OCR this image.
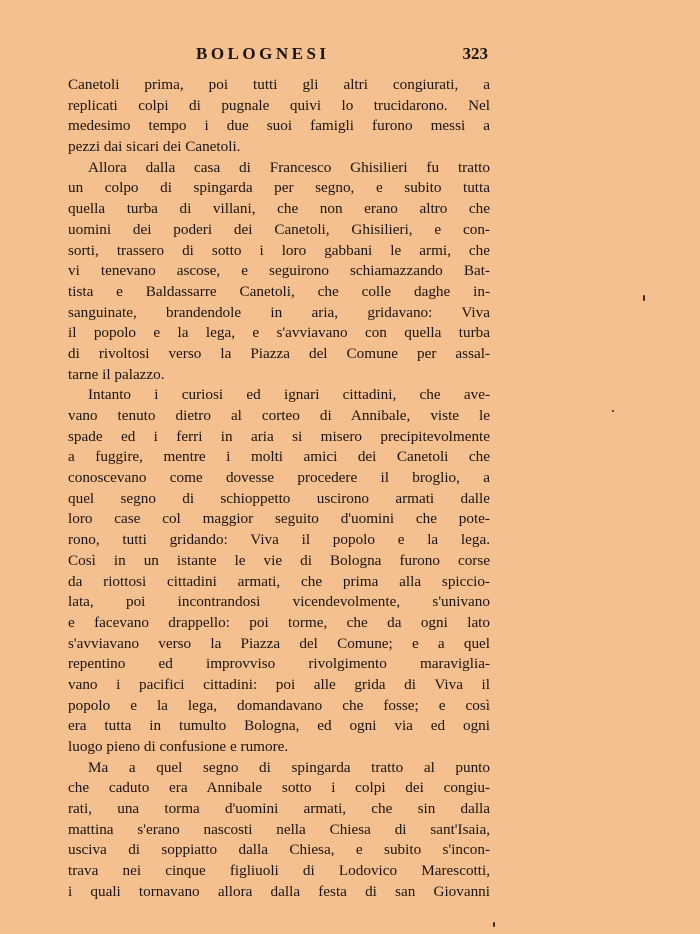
BOLOGNESI	323
Canetoli prima, poi tutti gli altri congiurati, a
replicati colpi di pugnale quivi lo trucidarono. Nel
medesimo tempo i due suoi famigli furono messi a
pezzi dai sicari dei Canetoli.
Allora dalla casa di Francesco Ghisilieri fu tratto
un colpo di spingarda per segno, e subito tutta
quella turba di villani, che non erano altro che
uomini dei poderi dei Canetoli, Ghisilieri, e con-
sorti, trassero di sotto i loro gabbani le armi, che
vi tenevano ascose, e seguirono schiamazzando Bat-
tista e Baldassarre Canetoli, che colle daghe in-
sanguinate, brandendole in aria, gridavano: Viva
il popolo e la lega, e s'avviavano con quella turba
di rivoltosi verso la Piazza del Comune per assal-
tarne il palazzo.
Intanto i curiosi ed ignari cittadini, che ave-
vano tenuto dietro al corteo di Annibale, viste le
spade ed i ferri in aria si misero precipitevolmente
a fuggire, mentre i molti amici dei Canetoli che
conoscevano come dovesse procedere il broglio, a
quel segno di schioppetto uscirono armati dalle
loro case col maggior seguito d'uomini che pote-
rono, tutti gridando: Viva il popolo e la lega.
Così in un istante le vie di Bologna furono corse
da riottosi cittadini armati, che prima alla spiccio-
lata, poi incontrandosi vicendevolmente, s'univano
e facevano drappello: poi torme, che da ogni lato
s'avviavano verso la Piazza del Comune; e a quel
repentino ed improvviso rivolgimento maraviglia-
vano i pacifici cittadini: poi alle grida di Viva il
popolo e la lega, domandavano che fosse; e così
era tutta in tumulto Bologna, ed ogni via ed ogni
luogo pieno di confusione e rumore.
Ma a quel segno di spingarda tratto al punto
che caduto era Annibale sotto i colpi dei congiu-
rati, una torma d'uomini armati, che sin dalla
mattina s'erano nascosti nella Chiesa di sant'Isaia,
usciva di soppiatto dalla Chiesa, e subito s'incon-
trava nei cinque figliuoli di Lodovico Marescotti,
i quali tornavano allora dalla festa di san Giovanni
